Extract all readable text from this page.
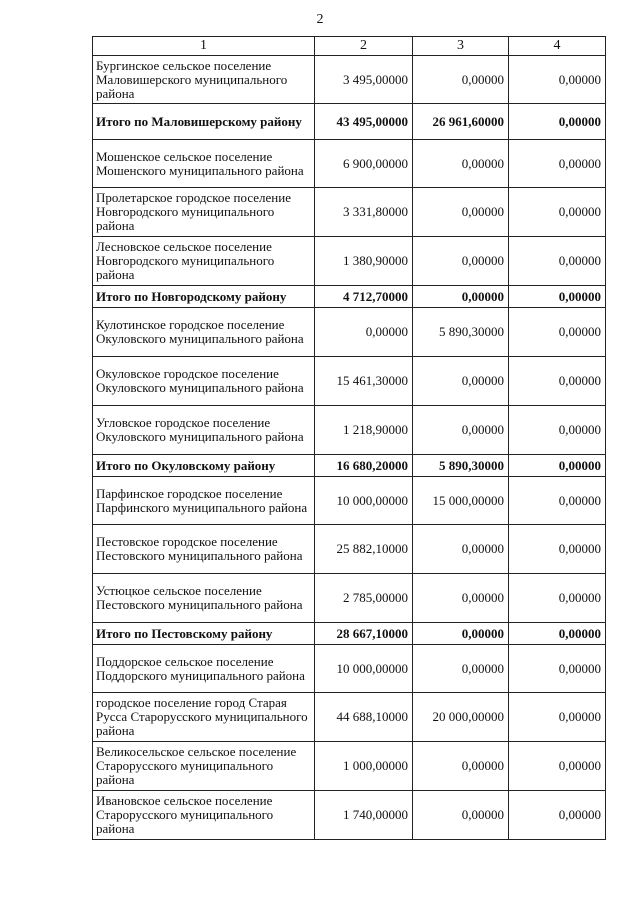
2
1	2	3	4
Бургинское сельское поселение Маловишерского муниципального района	3 495,00000	0,00000	0,00000
Итого по Маловишерскому району	43 495,00000	26 961,60000	0,00000
Мошенское сельское поселение Мошенского муниципального района	6 900,00000	0,00000	0,00000
Пролетарское городское поселение Новгородского муниципального района	3 331,80000	0,00000	0,00000
Лесновское сельское поселение Новгородского муниципального района	1 380,90000	0,00000	0,00000
Итого по Новгородскому району	4 712,70000	0,00000	0,00000
Кулотинское городское поселение Окуловского муниципального района	0,00000	5 890,30000	0,00000
Окуловское городское поселение Окуловского муниципального района	15 461,30000	0,00000	0,00000
Угловское городское поселение Окуловского муниципального района	1 218,90000	0,00000	0,00000
Итого по Окуловскому району	16 680,20000	5 890,30000	0,00000
Парфинское городское поселение Парфинского муниципального района	10 000,00000	15 000,00000	0,00000
Пестовское городское поселение Пестовского муниципального района	25 882,10000	0,00000	0,00000
Устюцкое сельское поселение Пестовского муниципального района	2 785,00000	0,00000	0,00000
Итого по Пестовскому району	28 667,10000	0,00000	0,00000
Поддорское сельское поселение Поддорского муниципального района	10 000,00000	0,00000	0,00000
городское поселение город Старая Русса Старорусского муниципального района	44 688,10000	20 000,00000	0,00000
Великосельское сельское поселение Старорусского муниципального района	1 000,00000	0,00000	0,00000
Ивановское сельское поселение Старорусского муниципального района	1 740,00000	0,00000	0,00000
